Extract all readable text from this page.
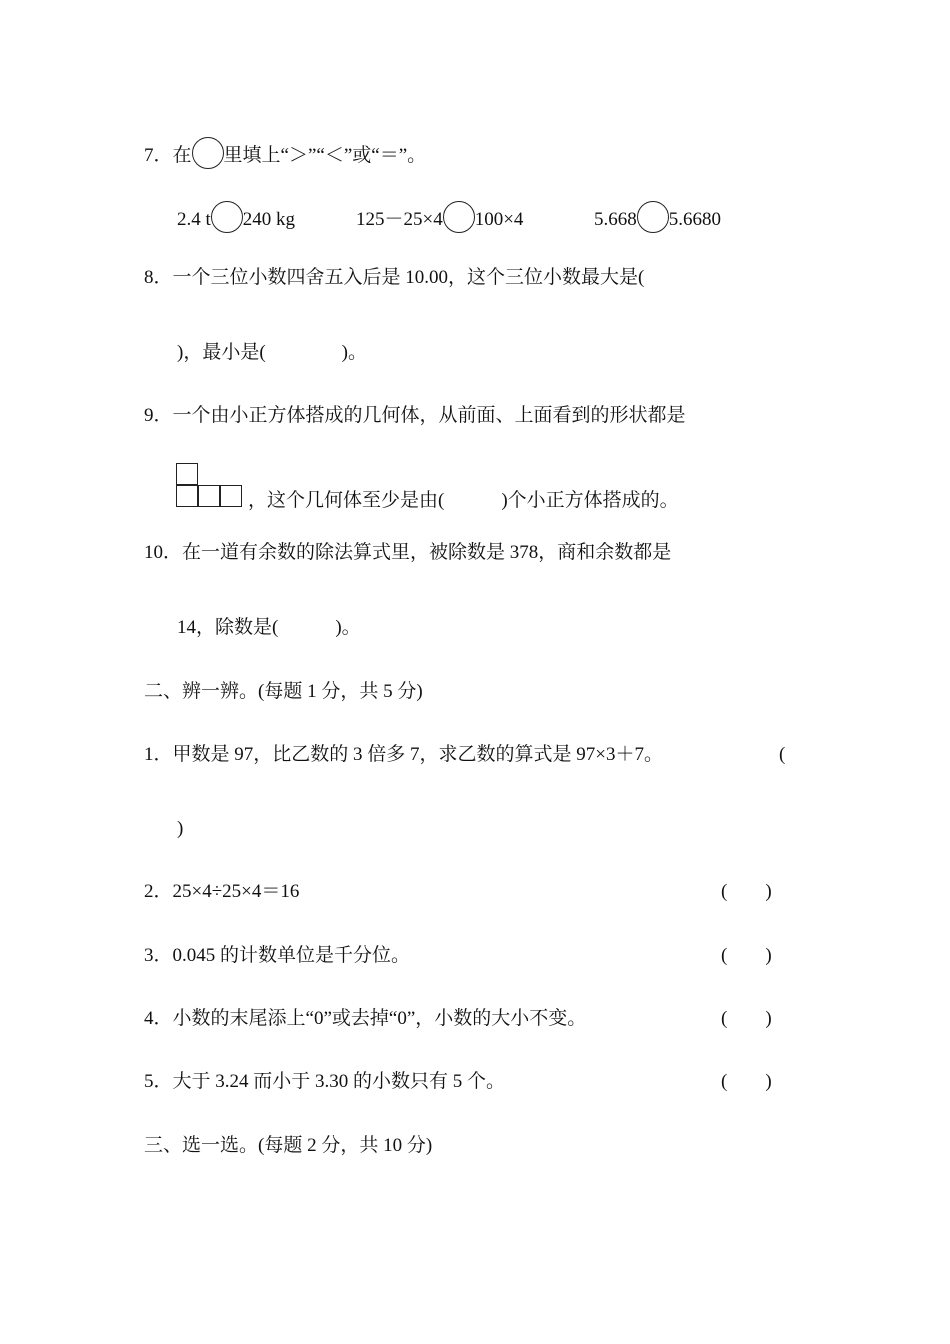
7．在 里填上“＞”“＜”或“＝”。
2.4 t 240 kg	125－25×4 100×4	5.668 5.6680
8．一个三位小数四舍五入后是 10.00，这个三位小数最大是(
)，最小是(　　　　)。
9．一个由小正方体搭成的几何体，从前面、上面看到的形状都是
，这个几何体至少是由(　　　)个小正方体搭成的。
10．在一道有余数的除法算式里，被除数是 378，商和余数都是
14，除数是(　　　)。
二、辨一辨。(每题 1 分，共 5 分)
1．甲数是 97，比乙数的 3 倍多 7，求乙数的算式是 97×3＋7。	(
)
2．25×4÷25×4＝16	(　　)
3．0.045 的计数单位是千分位。	(　　)
4．小数的末尾添上“0”或去掉“0”，小数的大小不变。	(　　)
5．大于 3.24 而小于 3.30 的小数只有 5 个。	(　　)
三、选一选。(每题 2 分，共 10 分)
